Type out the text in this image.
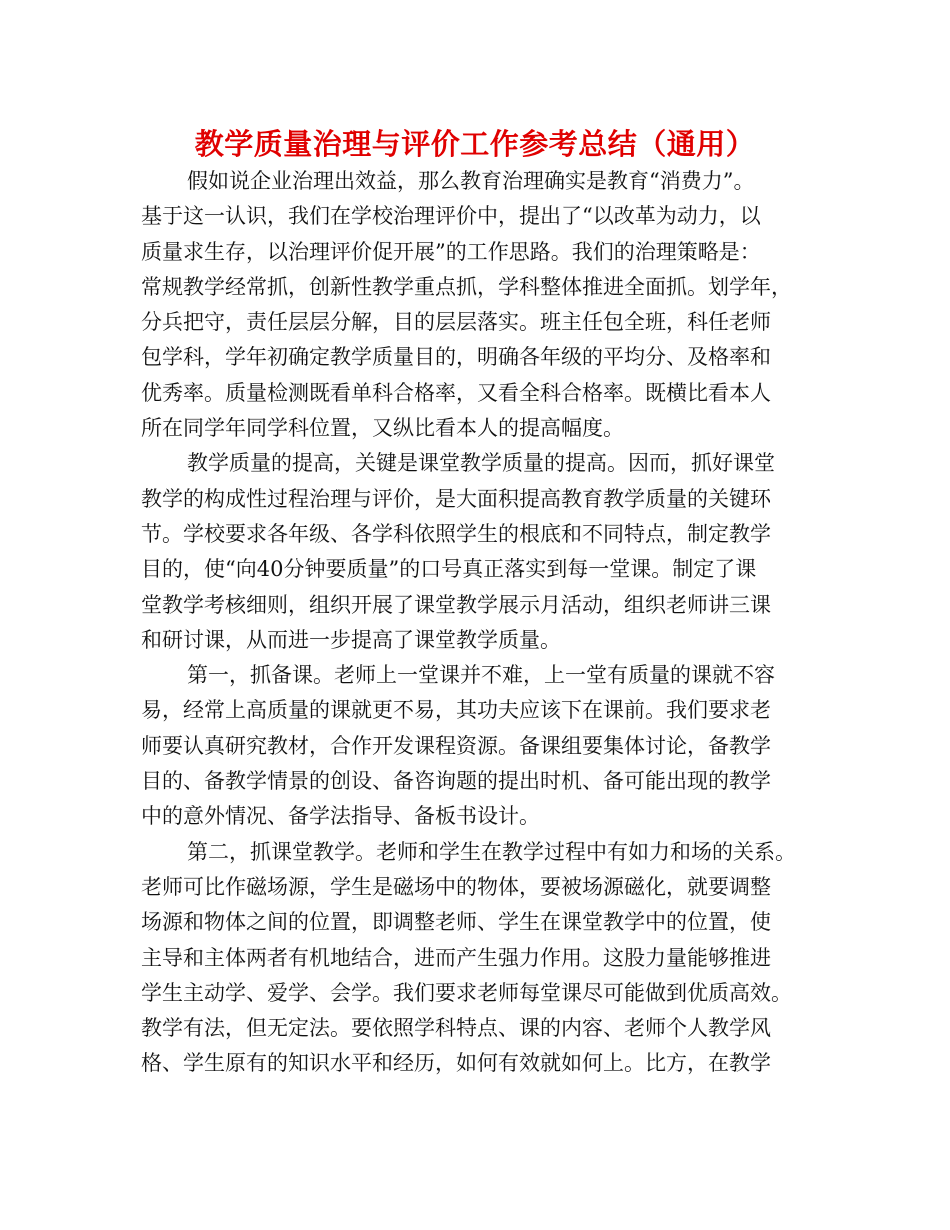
教学质量治理与评价工作参考总结（通用）
假如说企业治理出效益，那么教育治理确实是教育“消费力”。
基于这一认识，我们在学校治理评价中，提出了“以改革为动力，以
质量求生存，以治理评价促开展”的工作思路。我们的治理策略是：
常规教学经常抓，创新性教学重点抓，学科整体推进全面抓。划学年，
分兵把守，责任层层分解，目的层层落实。班主任包全班，科任老师
包学科，学年初确定教学质量目的，明确各年级的平均分、及格率和
优秀率。质量检测既看单科合格率，又看全科合格率。既横比看本人
所在同学年同学科位置，又纵比看本人的提高幅度。
教学质量的提高，关键是课堂教学质量的提高。因而，抓好课堂
教学的构成性过程治理与评价，是大面积提高教育教学质量的关键环
节。学校要求各年级、各学科依照学生的根底和不同特点，制定教学
目的，使“向40分钟要质量”的口号真正落实到每一堂课。制定了课
堂教学考核细则，组织开展了课堂教学展示月活动，组织老师讲三课
和研讨课，从而进一步提高了课堂教学质量。
第一，抓备课。老师上一堂课并不难，上一堂有质量的课就不容
易，经常上高质量的课就更不易，其功夫应该下在课前。我们要求老
师要认真研究教材，合作开发课程资源。备课组要集体讨论，备教学
目的、备教学情景的创设、备咨询题的提出时机、备可能出现的教学
中的意外情况、备学法指导、备板书设计。
第二，抓课堂教学。老师和学生在教学过程中有如力和场的关系。
老师可比作磁场源，学生是磁场中的物体，要被场源磁化，就要调整
场源和物体之间的位置，即调整老师、学生在课堂教学中的位置，使
主导和主体两者有机地结合，进而产生强力作用。这股力量能够推进
学生主动学、爱学、会学。我们要求老师每堂课尽可能做到优质高效。
教学有法，但无定法。要依照学科特点、课的内容、老师个人教学风
格、学生原有的知识水平和经历，如何有效就如何上。比方，在教学
